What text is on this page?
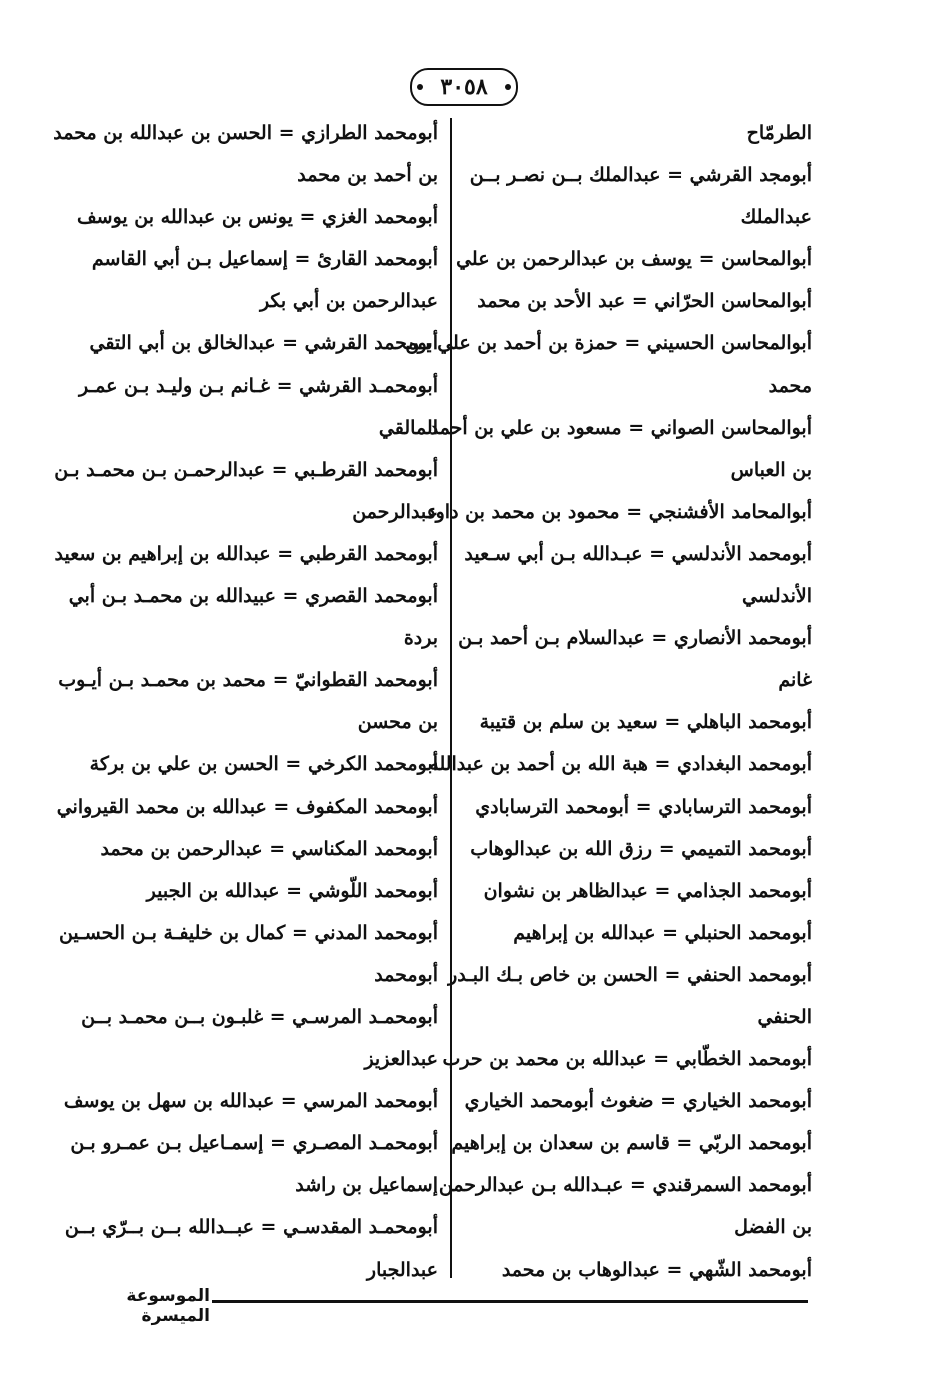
٣٠٥٨
الطرمّاح
أبومجد القرشي = عبدالملك بــن نصـر بــن
عبدالملك
أبوالمحاسن = يوسف بن عبدالرحمن بن علي
أبوالمحاسن الحرّاني = عبد الأحد بن محمد
أبوالمحاسن الحسيني = حمزة بن أحمد بن علي بـن
محمد
أبوالمحاسن الصواني = مسعود بن علي بن أحمد
بن العباس
أبوالمحامد الأفشنجي = محمود بن محمد بن داود
أبومحمد الأندلسي = عبـدالله بـن أبي سـعيد
الأندلسي
أبومحمد الأنصاري = عبدالسلام بـن أحمد بـن
غانم
أبومحمد الباهلي = سعيد بن سلم بن قتيبة
أبومحمد البغدادي = هبة الله بن أحمد بن عبدالله
أبومحمد الترسابادي = أبومحمد الترسابادي
أبومحمد التميمي = رزق الله بن عبدالوهاب
أبومحمد الجذامي = عبدالظاهر بن نشوان
أبومحمد الحنبلي = عبدالله بن إبراهيم
أبومحمد الحنفي = الحسن بن خاص بـك البـدر
الحنفي
أبومحمد الخطّابي = عبدالله بن محمد بن حرب
أبومحمد الخياري = ضغوث أبومحمد الخياري
أبومحمد الربّي = قاسم بن سعدان بن إبراهيم
أبومحمد السمرقندي = عبـدالله بـن عبدالرحمن
بن الفضل
أبومحمد الشّهي = عبدالوهاب بن محمد
أبومحمد الطرازي = الحسن بن عبدالله بن محمد
بن أحمد بن محمد
أبومحمد الغزي = يونس بن عبدالله بن يوسف
أبومحمد القارئ = إسماعيل بـن أبي القاسم
عبدالرحمن بن أبي بكر
أبومحمد القرشي = عبدالخالق بن أبي التقي
أبومحمـد القرشي = غـانم بـن وليـد بـن عمـر
المالقي
أبومحمد القرطـبي = عبدالرحمـن بـن محمـد بـن
عبدالرحمن
أبومحمد القرطبي = عبدالله بن إبراهيم بن سعيد
أبومحمد القصري = عبيدالله بن محمـد بـن أبي
بردة
أبومحمد القطوانيّ = محمد بن محمـد بـن أيـوب
بن محسن
أبومحمد الكرخي = الحسن بن علي بن بركة
أبومحمد المكفوف = عبدالله بن محمد القيرواني
أبومحمد المكناسي = عبدالرحمن بن محمد
أبومحمد اللّوشي = عبدالله بن الجبير
أبومحمد المدني = كمال بن خليفـة بـن الحسـين
أبومحمد
أبومحمـد المرسـي = غلبـون بــن محمـد بــن
عبدالعزيز
أبومحمد المرسي = عبدالله بن سهل بن يوسف
أبومحمـد المصـري = إسمـاعيل بـن عمـرو بـن
إسماعيل بن راشد
أبومحمـد المقدسـي = عبــدالله بــن بــرّي بــن
عبدالجبار
الموسوعة الميسرة
